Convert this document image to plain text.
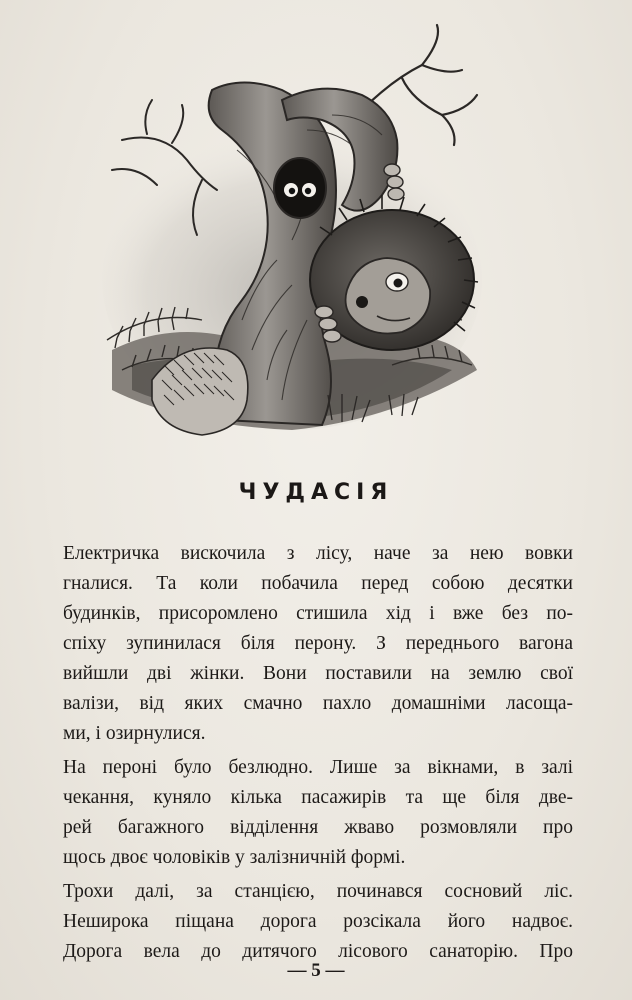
ЧУДАСІЯ
Електричка вискочила з лісу, наче за нею вовки
гналися. Та коли побачила перед собою десятки
будинків, присоромлено стишила хід і вже без по-
спіху зупинилася біля перону. З переднього вагона
вийшли дві жінки. Вони поставили на землю свої
валізи, від яких смачно пахло домашніми ласоща-
ми, і озирнулися.
На пероні було безлюдно. Лише за вікнами, в залі
чекання, куняло кілька пасажирів та ще біля две-
рей багажного відділення жваво розмовляли про
щось двоє чоловіків у залізничній формі.
Трохи далі, за станцією, починався сосновий ліс.
Неширока піщана дорога розсікала його надвоє.
Дорога вела до дитячого лісового санаторію. Про
— 5 —
